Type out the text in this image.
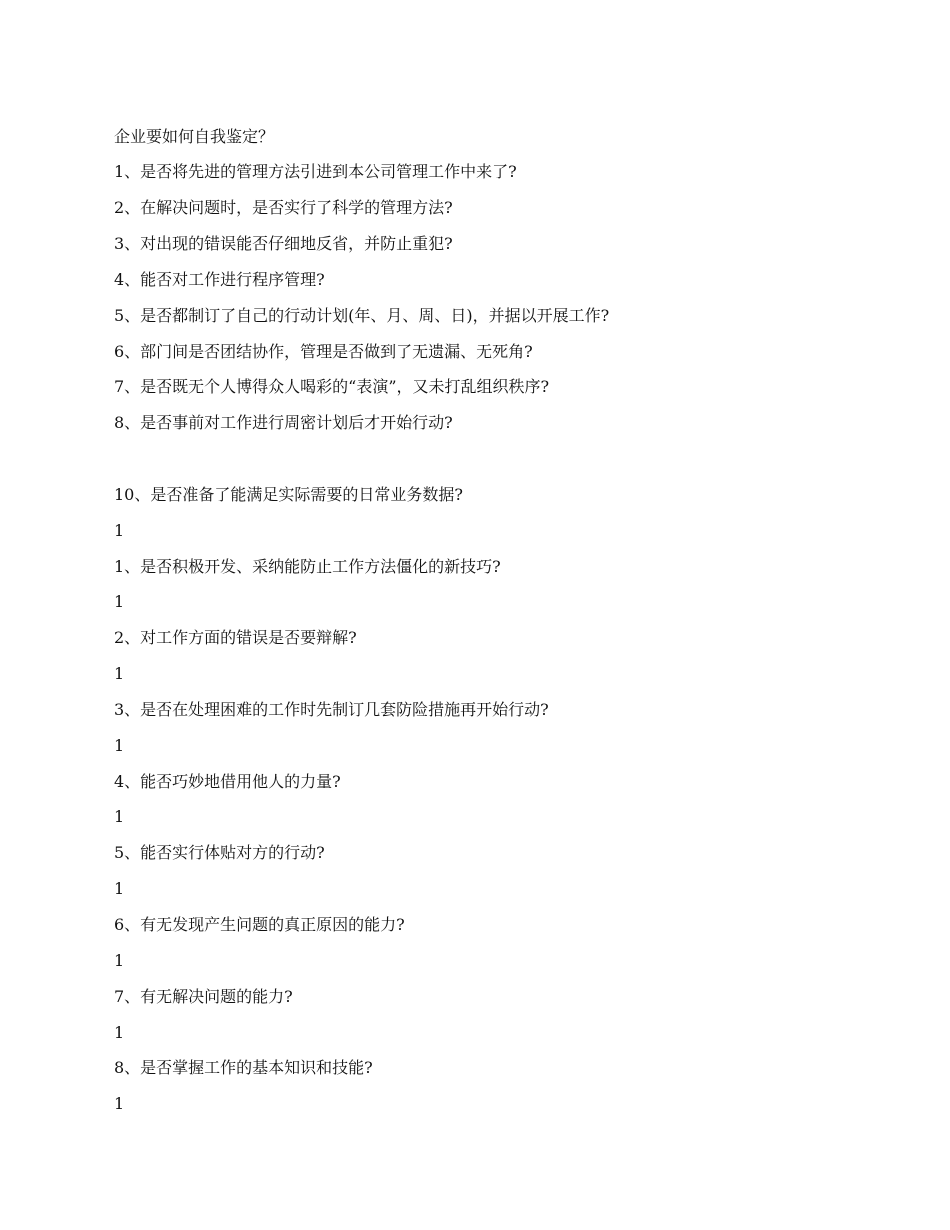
企业要如何自我鉴定？
1、是否将先进的管理方法引进到本公司管理工作中来了?
2、在解决问题时，是否实行了科学的管理方法?
3、对出现的错误能否仔细地反省，并防止重犯?
4、能否对工作进行程序管理?
5、是否都制订了自己的行动计划(年、月、周、日)，并据以开展工作?
6、部门间是否团结协作，管理是否做到了无遗漏、无死角?
7、是否既无个人博得众人喝彩的“表演”，又未打乱组织秩序?
8、是否事前对工作进行周密计划后才开始行动?
10、是否准备了能满足实际需要的日常业务数据?
1
1、是否积极开发、采纳能防止工作方法僵化的新技巧?
1
2、对工作方面的错误是否要辩解?
1
3、是否在处理困难的工作时先制订几套防险措施再开始行动?
1
4、能否巧妙地借用他人的力量?
1
5、能否实行体贴对方的行动?
1
6、有无发现产生问题的真正原因的能力?
1
7、有无解决问题的能力?
1
8、是否掌握工作的基本知识和技能?
1
